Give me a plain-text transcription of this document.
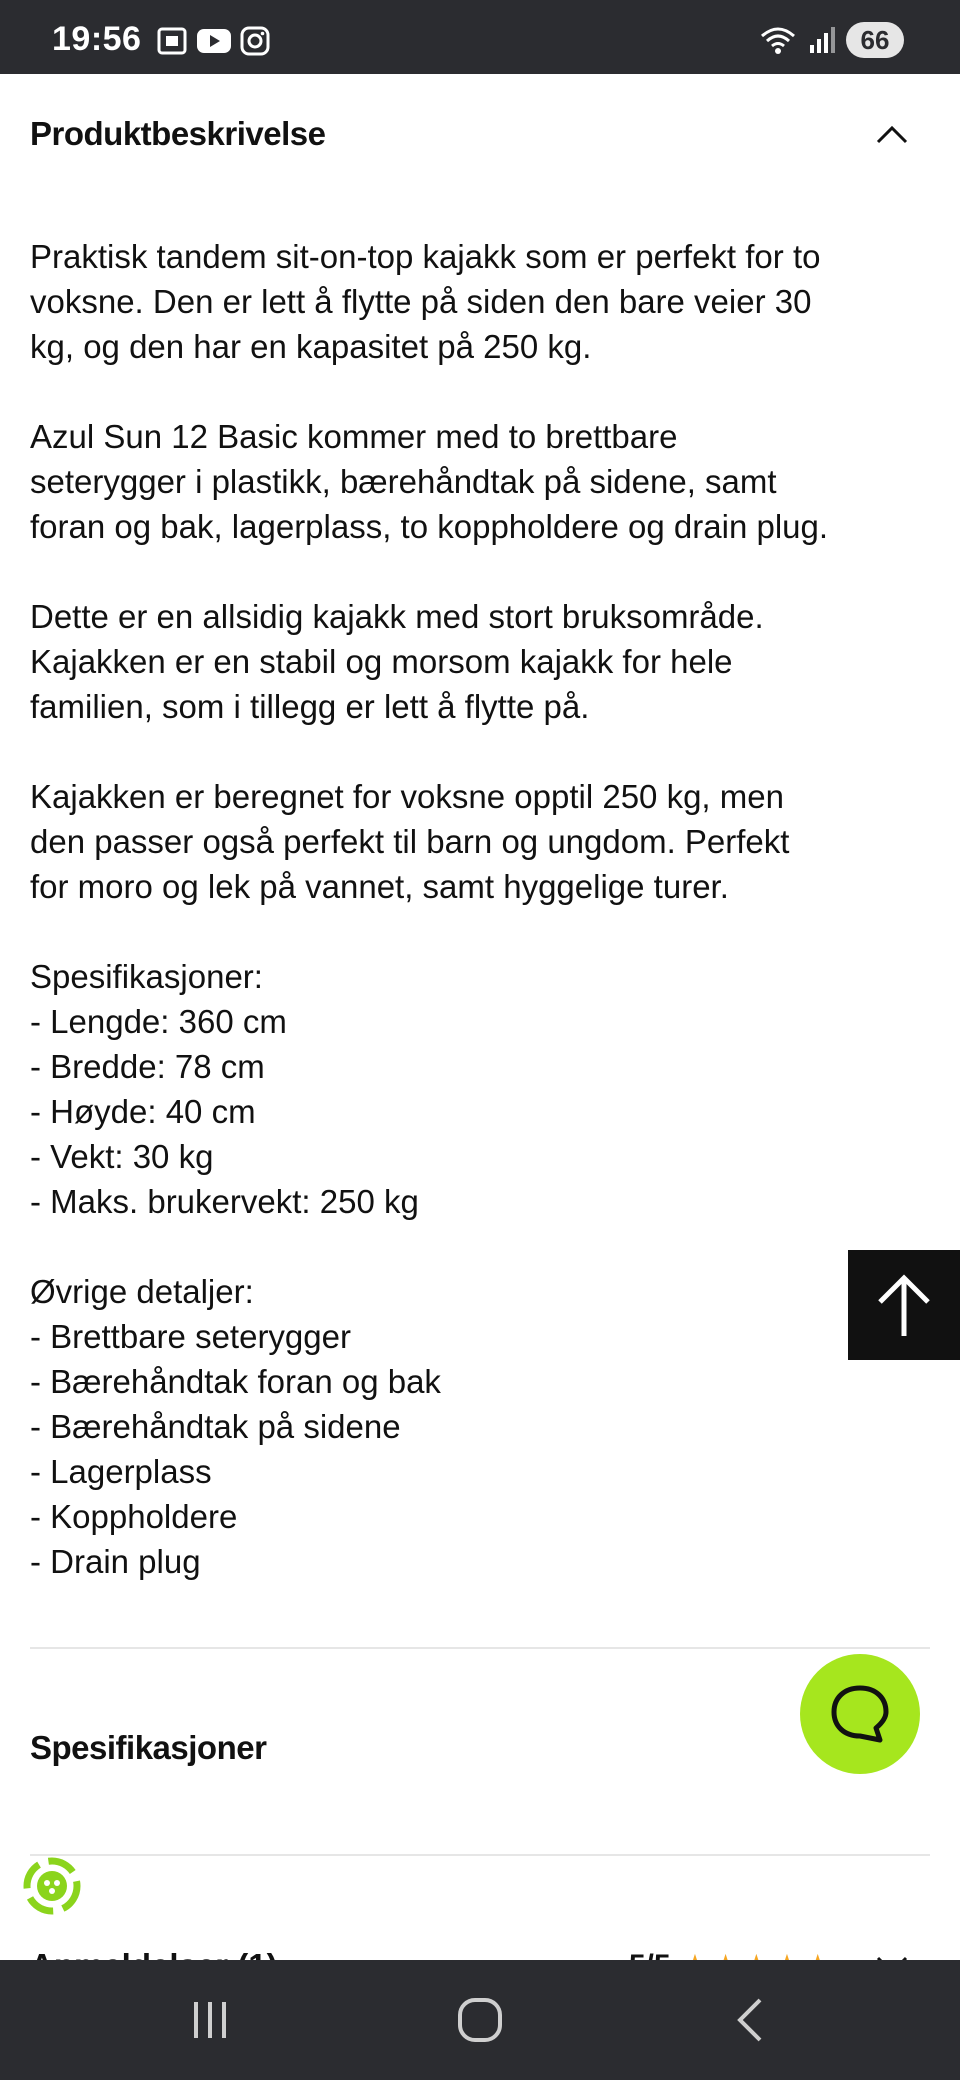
19:56	66
Produktbeskrivelse

Praktisk tandem sit-on-top kajakk som er perfekt for to
voksne. Den er lett å flytte på siden den bare veier 30
kg, og den har en kapasitet på 250 kg.

Azul Sun 12 Basic kommer med to brettbare
seterygger i plastikk, bærehåndtak på sidene, samt
foran og bak, lagerplass, to koppholdere og drain plug.

Dette er en allsidig kajakk med stort bruksområde.
Kajakken er en stabil og morsom kajakk for hele
familien, som i tillegg er lett å flytte på.

Kajakken er beregnet for voksne opptil 250 kg, men
den passer også perfekt til barn og ungdom. Perfekt
for moro og lek på vannet, samt hyggelige turer.

Spesifikasjoner:
- Lengde: 360 cm
- Bredde: 78 cm
- Høyde: 40 cm
- Vekt: 30 kg
- Maks. brukervekt: 250 kg

Øvrige detaljer:
- Brettbare seterygger
- Bærehåndtak foran og bak
- Bærehåndtak på sidene
- Lagerplass
- Koppholdere
- Drain plug

Spesifikasjoner
